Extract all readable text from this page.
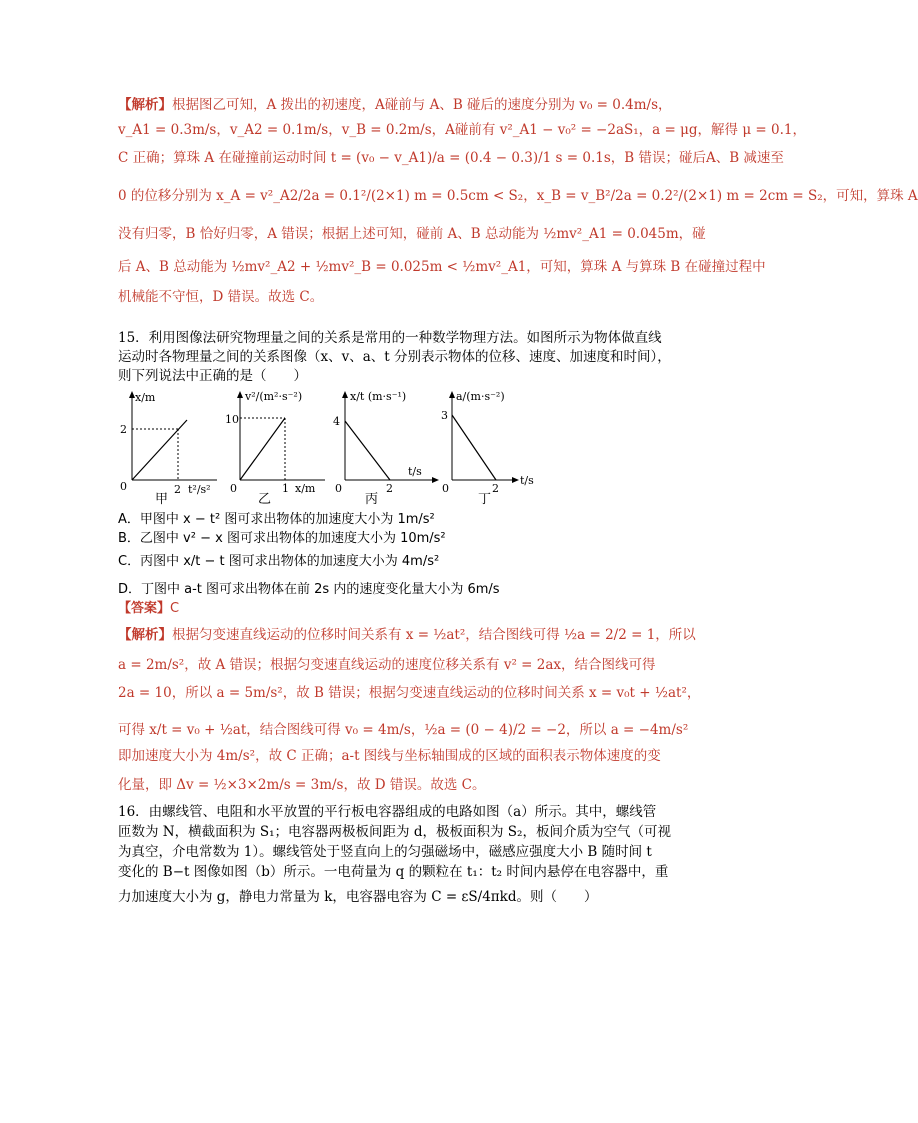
【解析】根据图乙可知，A 拨出的初速度，A碰前与 A、B 碰后的速度分别为 v₀ = 0.4m/s，
v_A1 = 0.3m/s，v_A2 = 0.1m/s，v_B = 0.2m/s，A碰前有 v²_A1 − v₀² = −2aS₁，a = μg，解得 μ = 0.1，
C 正确；算珠 A 在碰撞前运动时间 t = (v₀ − v_A1)/a = (0.4 − 0.3)/1 s = 0.1s，B 错误；碰后A、B 减速至
0 的位移分别为 x_A = v²_A2/2a = 0.1²/(2×1) m = 0.5cm < S₂，x_B = v_B²/2a = 0.2²/(2×1) m = 2cm = S₂，可知，算珠 A
没有归零，B 恰好归零，A 错误；根据上述可知，碰前 A、B 总动能为 ½mv²_A1 = 0.045m，碰
后 A、B 总动能为 ½mv²_A2 + ½mv²_B = 0.025m < ½mv²_A1，可知，算珠 A 与算珠 B 在碰撞过程中
机械能不守恒，D 错误。故选 C。
15．利用图像法研究物理量之间的关系是常用的一种数学物理方法。如图所示为物体做直线
运动时各物理量之间的关系图像（x、v、a、t 分别表示物体的位移、速度、加速度和时间），
则下列说法中正确的是（　　）
x/m
2
0	2 t²/s²
甲
v²/(m²·s⁻²)
10
0	1 x/m
乙
x/t (m·s⁻¹)
4
0	2
t/s
丙
a/(m·s⁻²)
3
0	2
t/s
丁
A．甲图中 x − t² 图可求出物体的加速度大小为 1m/s²
B．乙图中 v² − x 图可求出物体的加速度大小为 10m/s²
C．丙图中 x/t − t 图可求出物体的加速度大小为 4m/s²
D．丁图中 a-t 图可求出物体在前 2s 内的速度变化量大小为 6m/s
【答案】C
【解析】根据匀变速直线运动的位移时间关系有 x = ½at²，结合图线可得 ½a = 2/2 = 1，所以
a = 2m/s²，故 A 错误；根据匀变速直线运动的速度位移关系有 v² = 2ax，结合图线可得
2a = 10，所以 a = 5m/s²，故 B 错误；根据匀变速直线运动的位移时间关系 x = v₀t + ½at²，
可得 x/t = v₀ + ½at，结合图线可得 v₀ = 4m/s，½a = (0 − 4)/2 = −2，所以 a = −4m/s²
即加速度大小为 4m/s²，故 C 正确；a-t 图线与坐标轴围成的区域的面积表示物体速度的变
化量，即 Δv = ½×3×2m/s = 3m/s，故 D 错误。故选 C。
16．由螺线管、电阻和水平放置的平行板电容器组成的电路如图（a）所示。其中，螺线管
匝数为 N，横截面积为 S₁；电容器两极板间距为 d，极板面积为 S₂，板间介质为空气（可视
为真空，介电常数为 1）。螺线管处于竖直向上的匀强磁场中，磁感应强度大小 B 随时间 t
变化的 B−t 图像如图（b）所示。一电荷量为 q 的颗粒在 t₁：t₂ 时间内悬停在电容器中，重
力加速度大小为 g，静电力常量为 k，电容器电容为 C = εS/4πkd。则（　　）
